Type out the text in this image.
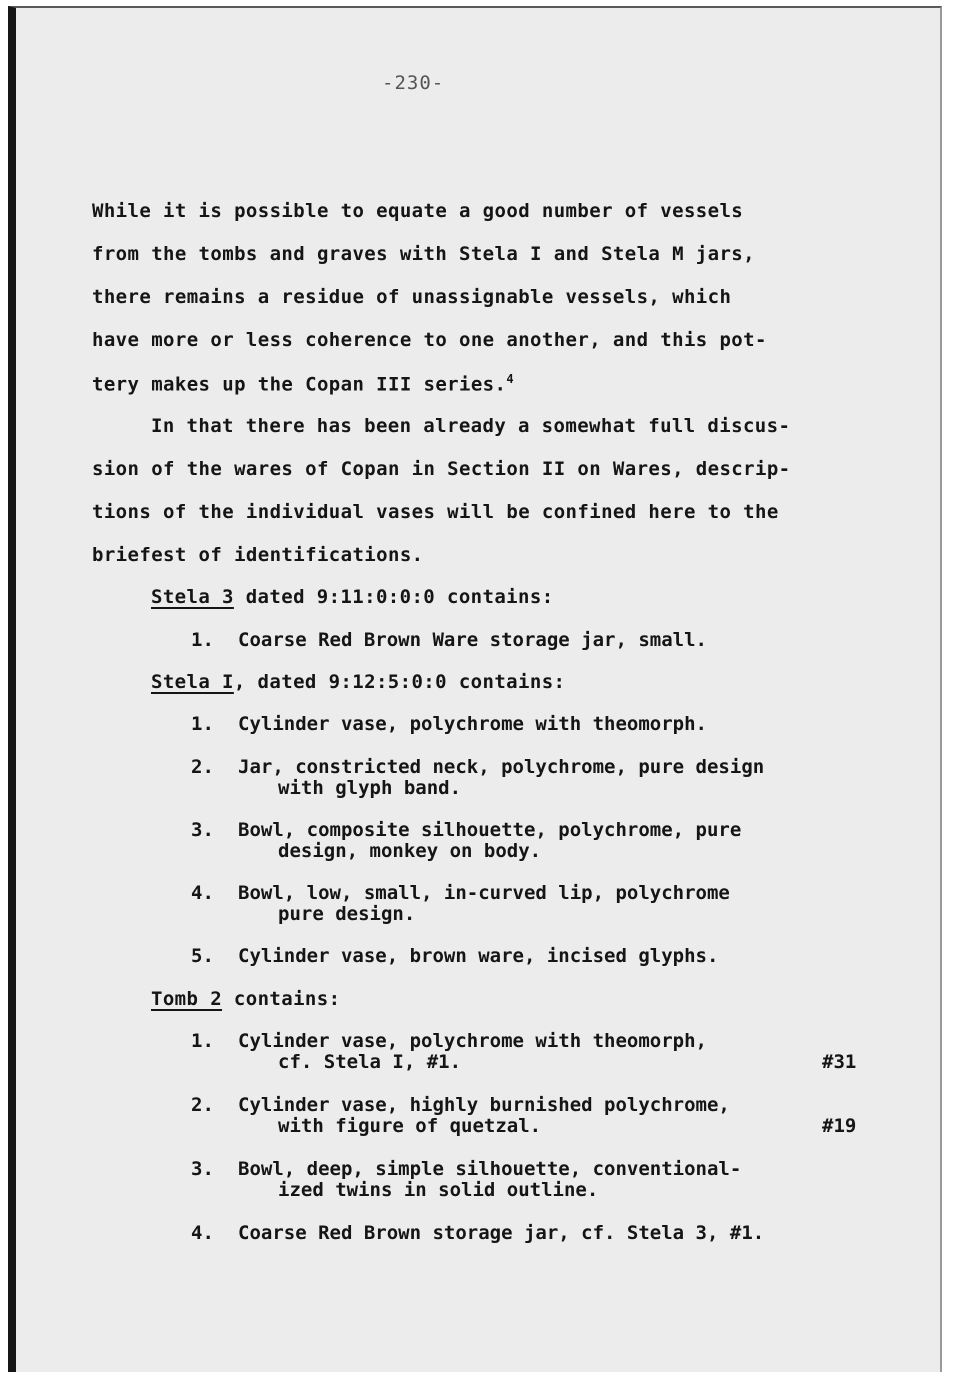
-230-
While it is possible to equate a good number of vessels
from the tombs and graves with Stela I and Stela M jars,
there remains a residue of unassignable vessels, which
have more or less coherence to one another, and this pot-
tery makes up the Copan III series.$^4$
In that there has been already a somewhat full discus-
sion of the wares of Copan in Section II on Wares, descrip-
tions of the individual vases will be confined here to the
briefest of identifications.
Stela 3 dated 9:11:0:0:0 contains:
1. Coarse Red Brown Ware storage jar, small.
Stela I, dated 9:12:5:0:0 contains:
1. Cylinder vase, polychrome with theomorph.
2. Jar, constricted neck, polychrome, pure design
with glyph band.
3. Bowl, composite silhouette, polychrome, pure
design, monkey on body.
4. Bowl, low, small, in-curved lip, polychrome
pure design.
5. Cylinder vase, brown ware, incised glyphs.
Tomb 2 contains:
1. Cylinder vase, polychrome with theomorph,
cf. Stela I, #1.	#31
2. Cylinder vase, highly burnished polychrome,
with figure of quetzal.	#19
3. Bowl, deep, simple silhouette, conventional-
ized twins in solid outline.
4. Coarse Red Brown storage jar, cf. Stela 3, #1.
